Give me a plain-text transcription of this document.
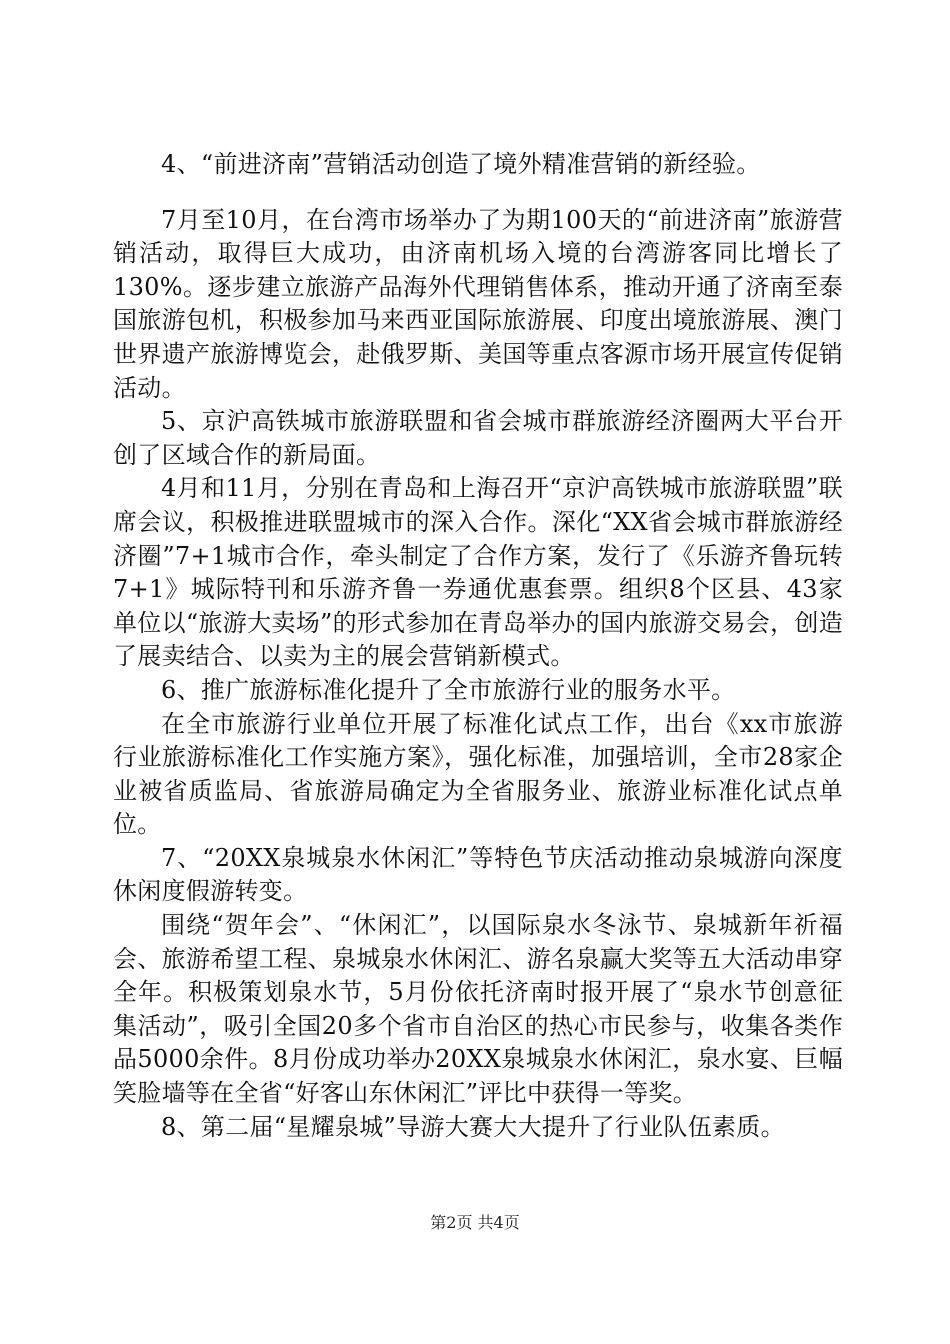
4、“前进济南”营销活动创造了境外精准营销的新经验。

7月至10月，在台湾市场举办了为期100天的“前进济南”旅游营销活动，取得巨大成功，由济南机场入境的台湾游客同比增长了130%。逐步建立旅游产品海外代理销售体系，推动开通了济南至泰国旅游包机，积极参加马来西亚国际旅游展、印度出境旅游展、澳门世界遗产旅游博览会，赴俄罗斯、美国等重点客源市场开展宣传促销活动。

5、京沪高铁城市旅游联盟和省会城市群旅游经济圈两大平台开创了区域合作的新局面。

4月和11月，分别在青岛和上海召开“京沪高铁城市旅游联盟”联席会议，积极推进联盟城市的深入合作。深化“XX省会城市群旅游经济圈”7+1城市合作，牵头制定了合作方案，发行了《乐游齐鲁玩转7+1》城际特刊和乐游齐鲁一券通优惠套票。组织8个区县、43家单位以“旅游大卖场”的形式参加在青岛举办的国内旅游交易会，创造了展卖结合、以卖为主的展会营销新模式。

6、推广旅游标准化提升了全市旅游行业的服务水平。

在全市旅游行业单位开展了标准化试点工作，出台《xx市旅游行业旅游标准化工作实施方案》，强化标准，加强培训，全市28家企业被省质监局、省旅游局确定为全省服务业、旅游业标准化试点单位。

7、“20XX泉城泉水休闲汇”等特色节庆活动推动泉城游向深度休闲度假游转变。

围绕“贺年会”、“休闲汇”，以国际泉水冬泳节、泉城新年祈福会、旅游希望工程、泉城泉水休闲汇、游名泉赢大奖等五大活动串穿全年。积极策划泉水节，5月份依托济南时报开展了“泉水节创意征集活动”，吸引全国20多个省市自治区的热心市民参与，收集各类作品5000余件。8月份成功举办20XX泉城泉水休闲汇，泉水宴、巨幅笑脸墙等在全省“好客山东休闲汇”评比中获得一等奖。

8、第二届“星耀泉城”导游大赛大大提升了行业队伍素质。

第2页 共4页
